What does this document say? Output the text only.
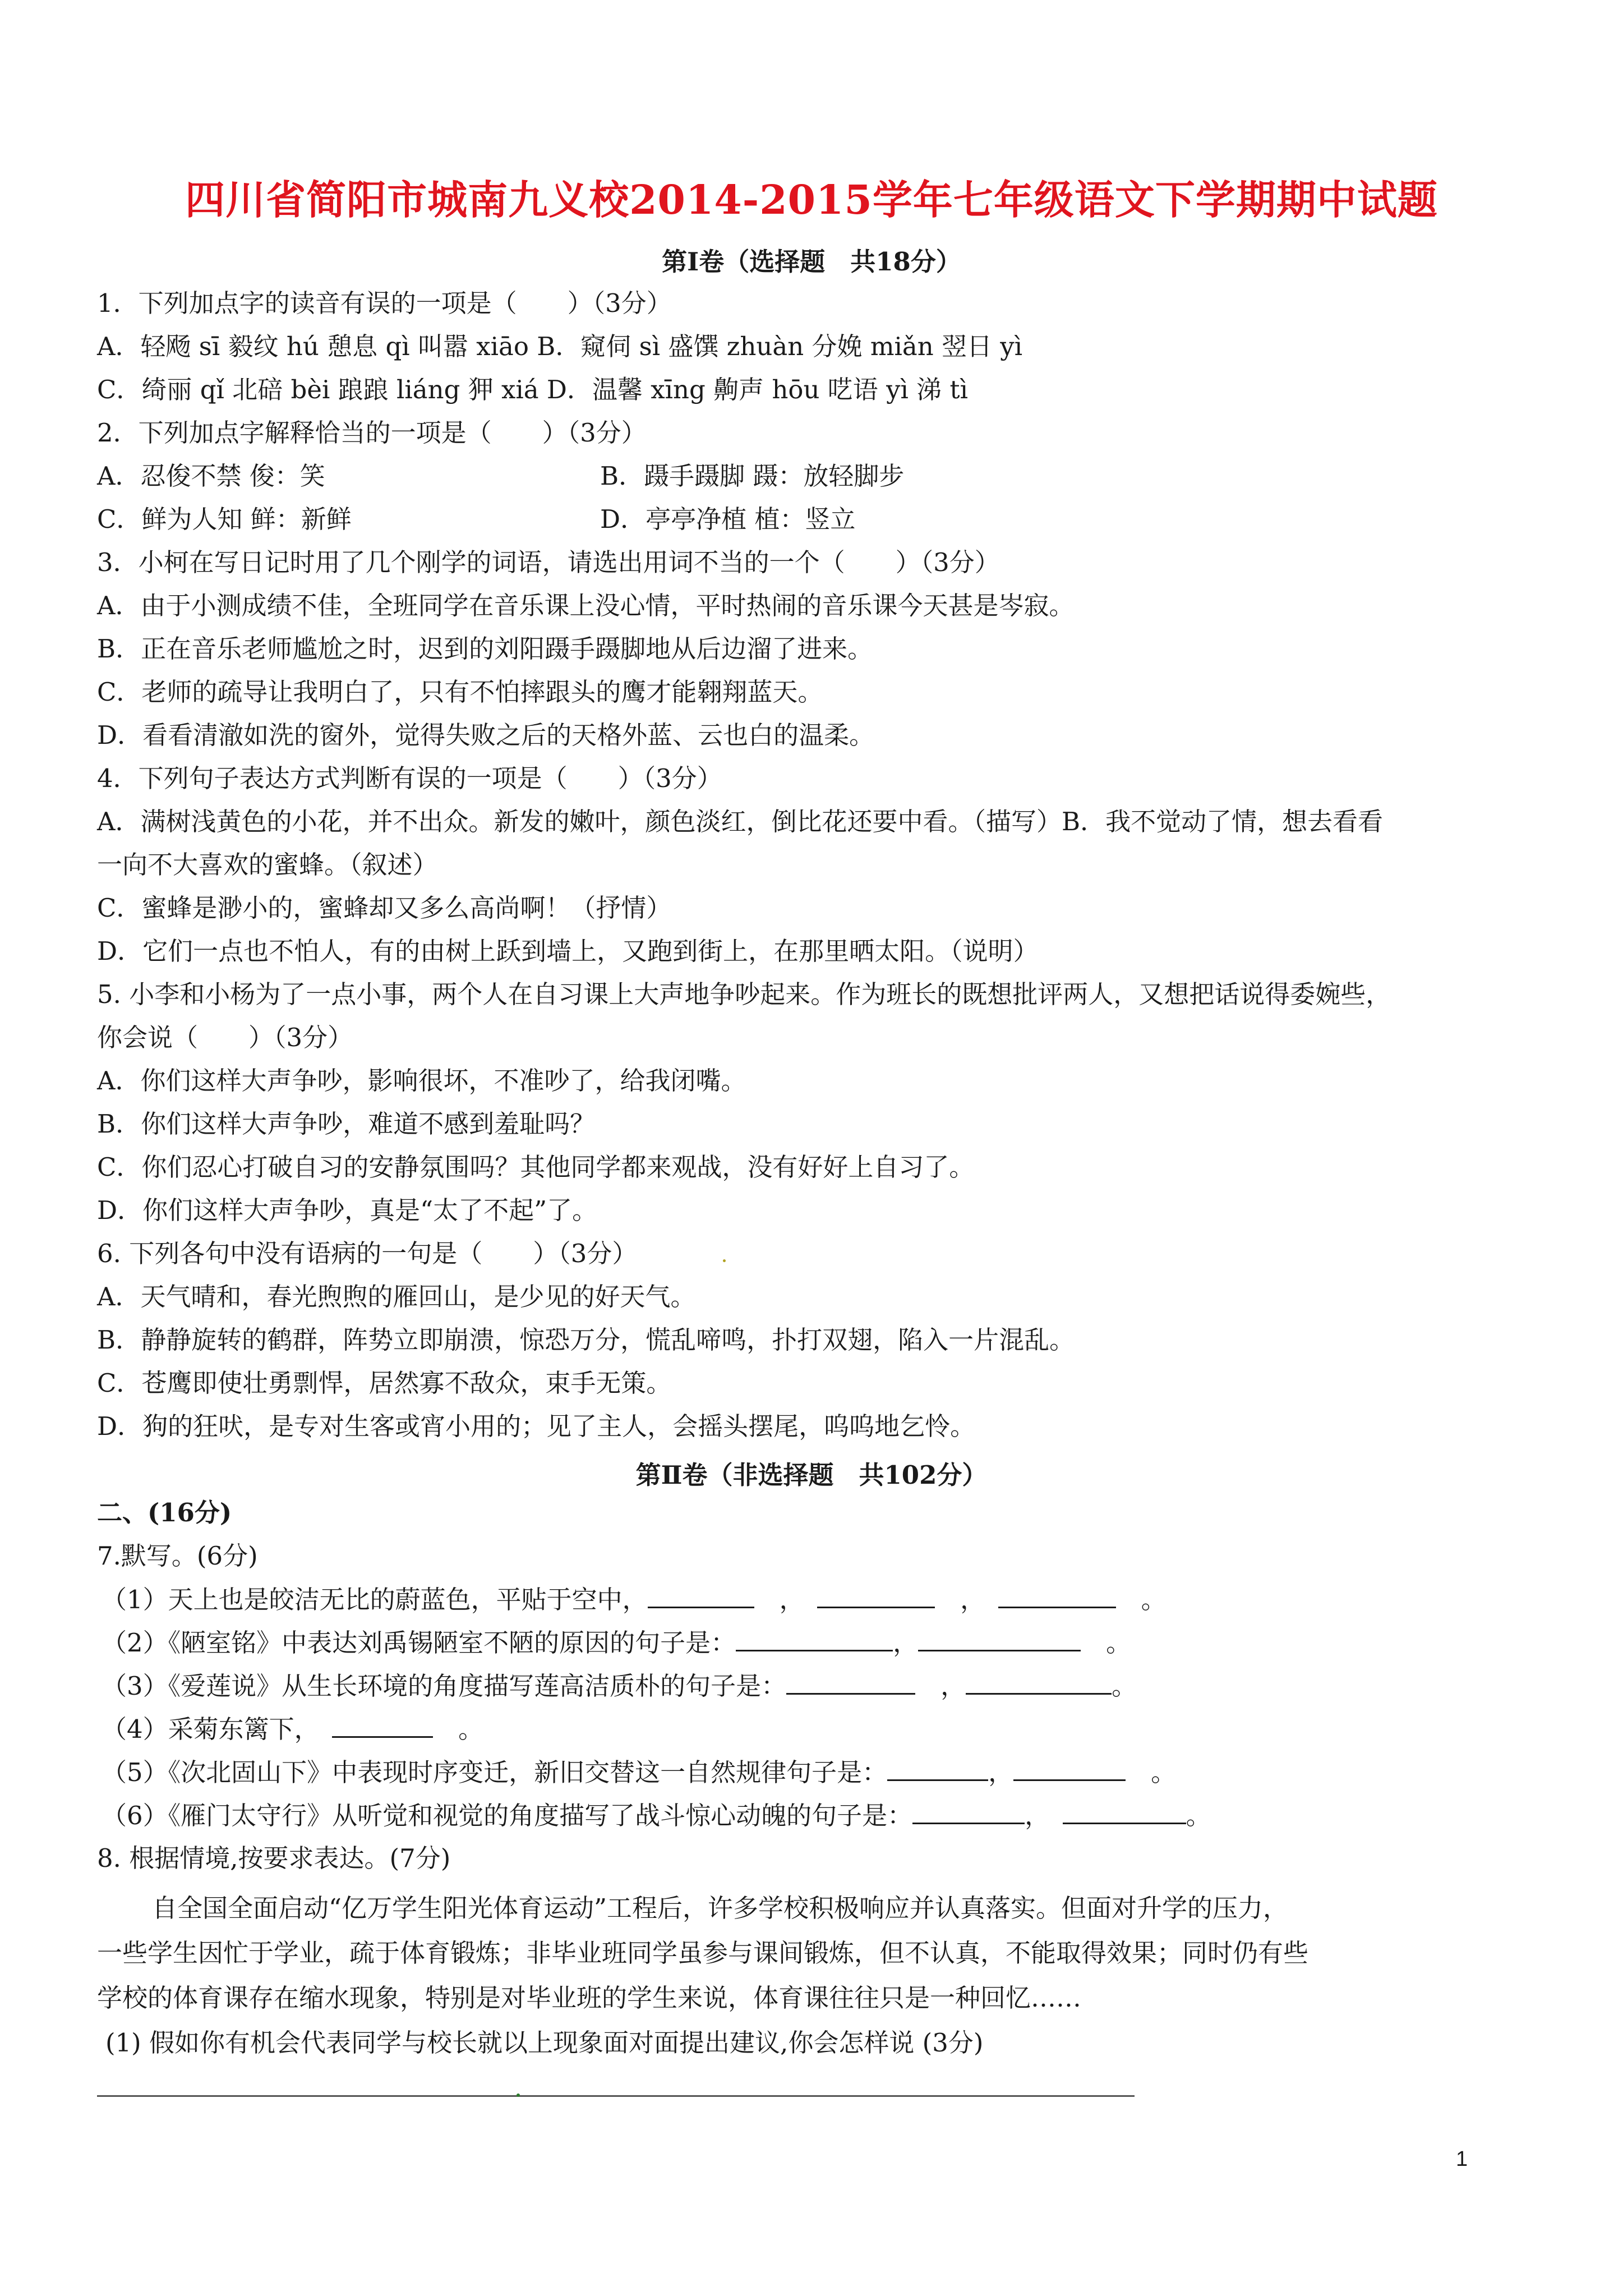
四川省简阳市城南九义校2014-2015学年七年级语文下学期期中试题
第Ⅰ卷（选择题　共18分）
1．下列加点字的读音有误的一项是（　　）（3分）
A．轻飏 sī 毅纹 hú 憩息 qì 叫嚣 xiāo B．窥伺 sì 盛馔 zhuàn 分娩 miǎn 翌日 yì
C．绮丽 qǐ 北碚 bèi 踉踉 liáng 狎 xiá D．温馨 xīng 齁声 hōu 呓语 yì 涕 tì
2．下列加点字解释恰当的一项是（　　）（3分）
A．忍俊不禁 俊：笑	B．蹑手蹑脚 蹑：放轻脚步
C．鲜为人知 鲜：新鲜	D．亭亭净植 植：竖立
3．小柯在写日记时用了几个刚学的词语，请选出用词不当的一个（　　）（3分）
A．由于小测成绩不佳，全班同学在音乐课上没心情，平时热闹的音乐课今天甚是岑寂。
B．正在音乐老师尴尬之时，迟到的刘阳蹑手蹑脚地从后边溜了进来。
C．老师的疏导让我明白了，只有不怕摔跟头的鹰才能翱翔蓝天。
D．看看清澈如洗的窗外，觉得失败之后的天格外蓝、云也白的温柔。
4．下列句子表达方式判断有误的一项是（　　）（3分）
A．满树浅黄色的小花，并不出众。新发的嫩叶，颜色淡红，倒比花还要中看。（描写）B．我不觉动了情，想去看看
一向不大喜欢的蜜蜂。（叙述）
C．蜜蜂是渺小的，蜜蜂却又多么高尚啊！（抒情）
D．它们一点也不怕人，有的由树上跃到墙上，又跑到街上，在那里晒太阳。（说明）
5. 小李和小杨为了一点小事，两个人在自习课上大声地争吵起来。作为班长的既想批评两人，又想把话说得委婉些，
你会说（　　）（3分）
A．你们这样大声争吵，影响很坏，不准吵了，给我闭嘴。
B．你们这样大声争吵，难道不感到羞耻吗？
C．你们忍心打破自习的安静氛围吗？其他同学都来观战，没有好好上自习了。
D．你们这样大声争吵，真是“太了不起”了。
6. 下列各句中没有语病的一句是（　　）（3分）
A．天气晴和，春光煦煦的雁回山，是少见的好天气。
B．静静旋转的鹤群，阵势立即崩溃，惊恐万分，慌乱啼鸣，扑打双翅，陷入一片混乱。
C．苍鹰即使壮勇剽悍，居然寡不敌众，束手无策。
D．狗的狂吠，是专对生客或宵小用的；见了主人，会摇头摆尾，呜呜地乞怜。
第Ⅱ卷（非选择题　共102分）
二、(16分)
7.默写。(6分)
（1）天上也是皎洁无比的蔚蓝色，平贴于空中，	　，　	　，　	　。
（2）《陋室铭》中表达刘禹锡陋室不陋的原因的句子是：	，	　。
（3）《爱莲说》从生长环境的角度描写莲高洁质朴的句子是：	　，	。
（4）采菊东篱下，　	　。
（5）《次北固山下》中表现时序变迁，新旧交替这一自然规律句子是：	，	　。
（6）《雁门太守行》从听觉和视觉的角度描写了战斗惊心动魄的句子是：	，　	。
8. 根据情境,按要求表达。(7分)
自全国全面启动“亿万学生阳光体育运动”工程后，许多学校积极响应并认真落实。但面对升学的压力，
一些学生因忙于学业，疏于体育锻炼；非毕业班同学虽参与课间锻炼，但不认真，不能取得效果；同时仍有些
学校的体育课存在缩水现象，特别是对毕业班的学生来说，体育课往往只是一种回忆……
(1) 假如你有机会代表同学与校长就以上现象面对面提出建议,你会怎样说 (3分)
1
